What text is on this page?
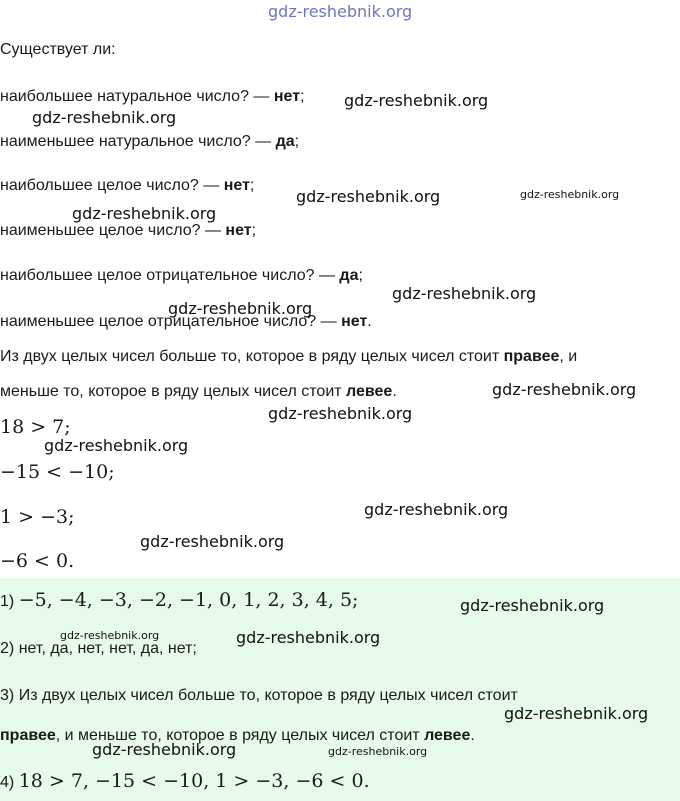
gdz-reshebnik.org
Существует ли:
наибольшее натуральное число? — нет;
наименьшее натуральное число? — да;
наибольшее целое число? — нет;
наименьшее целое число? — нет;
наибольшее целое отрицательное число? — да;
наименьшее целое отрицательное число? — нет.
Из двух целых чисел больше то, которое в ряду целых чисел стоит правее, и
меньше то, которое в ряду целых чисел стоит левее.
18 > 7;
−15 < −10;
1 > −3;
−6 < 0.
1) −5, −4, −3, −2, −1, 0, 1, 2, 3, 4, 5;
2) нет, да, нет, нет, да, нет;
3) Из двух целых чисел больше то, которое в ряду целых чисел стоит
правее, и меньше то, которое в ряду целых чисел стоит левее.
4) 18 > 7, −15 < −10, 1 > −3, −6 < 0.
gdz-reshebnik.org
gdz-reshebnik.org
gdz-reshebnik.org	gdz-reshebnik.org
gdz-reshebnik.org
gdz-reshebnik.org
gdz-reshebnik.org
gdz-reshebnik.org
gdz-reshebnik.org
gdz-reshebnik.org
gdz-reshebnik.org
gdz-reshebnik.org
gdz-reshebnik.org
gdz-reshebnik.org	gdz-reshebnik.org
gdz-reshebnik.org
gdz-reshebnik.org	gdz-reshebnik.org
